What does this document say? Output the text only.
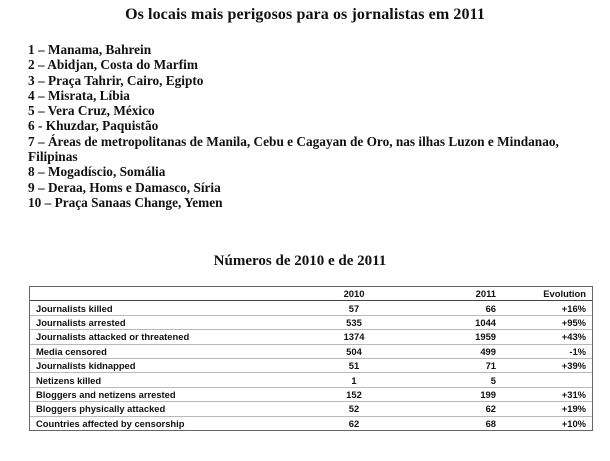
Os locais mais perigosos para os jornalistas em 2011
1 – Manama, Bahrein
2 – Abidjan, Costa do Marfim
3 – Praça Tahrir, Cairo, Egipto
4 – Misrata, Líbia
5 – Vera Cruz, México
6 - Khuzdar, Paquistão
7 – Áreas de metropolitanas de Manila, Cebu e Cagayan de Oro, nas ilhas Luzon e Mindanao, Filipinas
8 – Mogadíscio, Somália
9 – Deraa, Homs e Damasco, Síria
10 – Praça Sanaas Change, Yemen
Números de 2010 e de 2011
	2010	2011	Evolution
Journalists killed	57	66	+16%
Journalists arrested	535	1044	+95%
Journalists attacked or threatened	1374	1959	+43%
Media censored	504	499	-1%
Journalists kidnapped	51	71	+39%
Netizens killed	1	5	
Bloggers and netizens arrested	152	199	+31%
Bloggers physically attacked	52	62	+19%
Countries affected by censorship	62	68	+10%
